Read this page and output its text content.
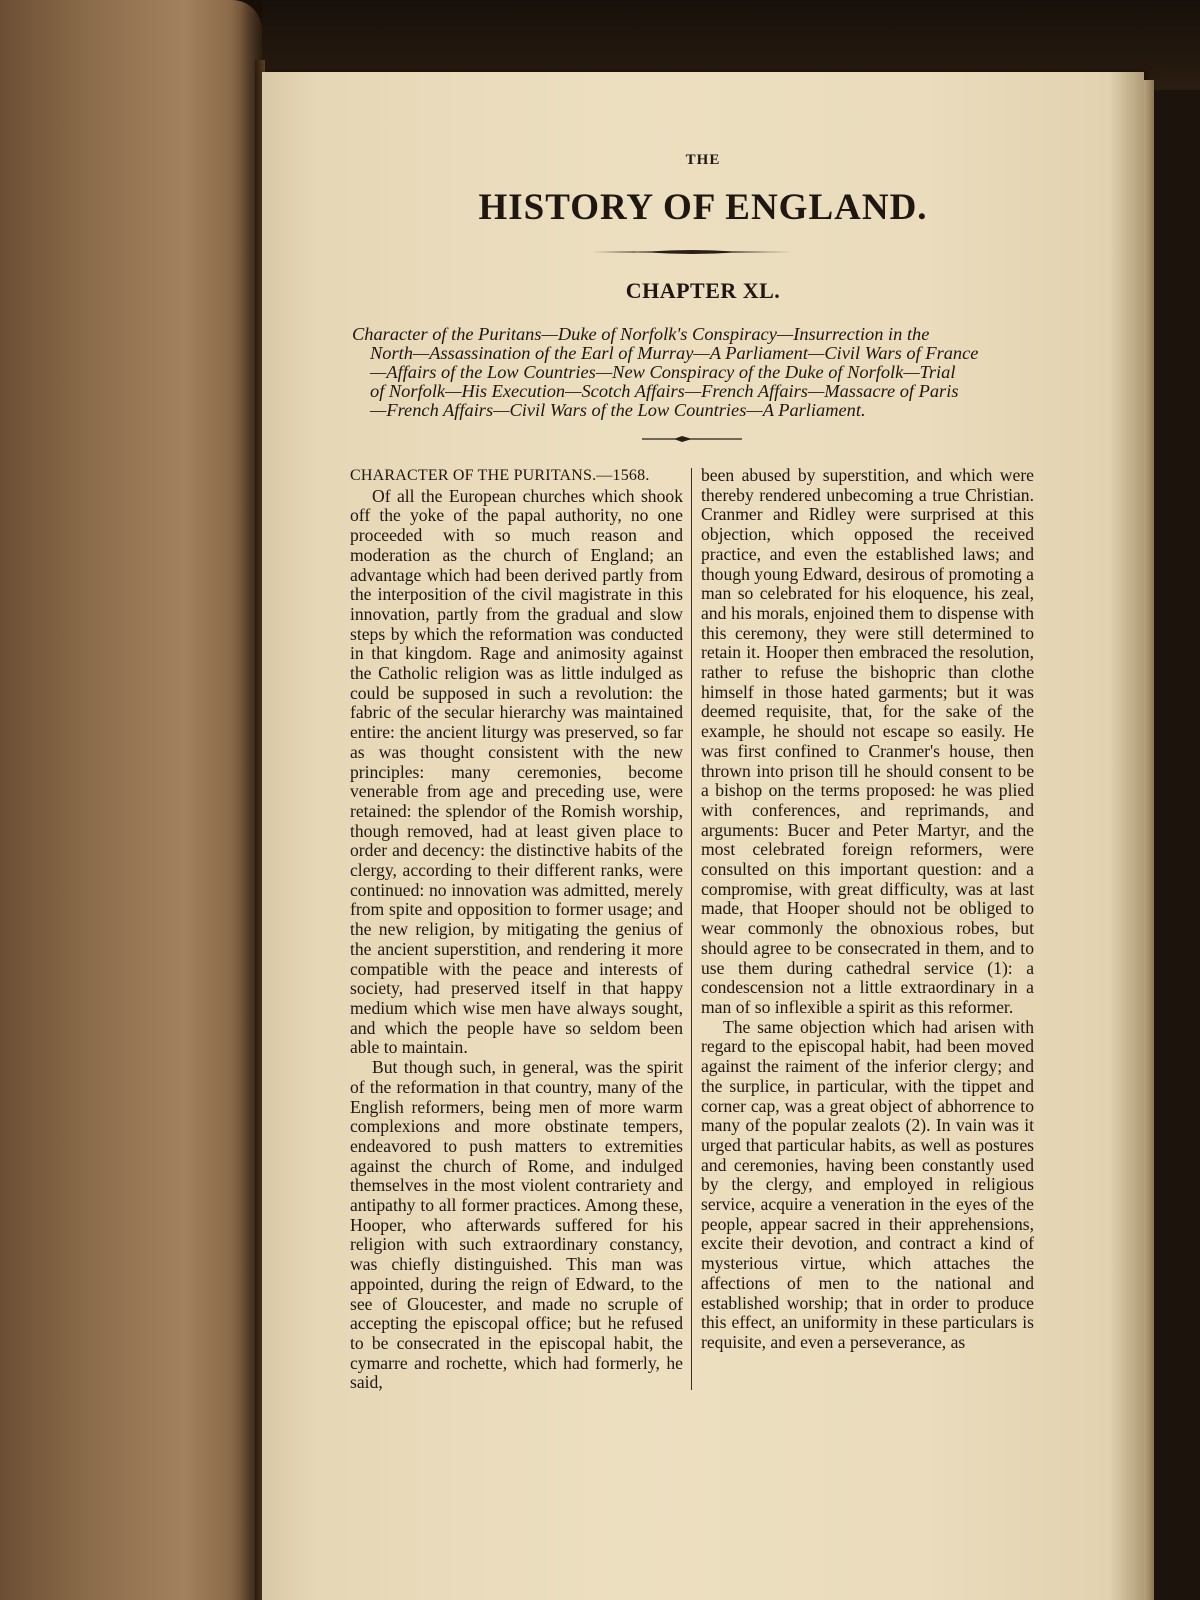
THE
HISTORY OF ENGLAND.
CHAPTER XL.
Character of the Puritans—Duke of Norfolk's Conspiracy—Insurrection in the
North—Assassination of the Earl of Murray—A Parliament—Civil Wars of France
—Affairs of the Low Countries—New Conspiracy of the Duke of Norfolk—Trial
of Norfolk—His Execution—Scotch Affairs—French Affairs—Massacre of Paris
—French Affairs—Civil Wars of the Low Countries—A Parliament.

CHARACTER OF THE PURITANS.—1568.

Of all the European churches which shook off the yoke of the papal authority, no one proceeded with so much reason and moderation as the church of England; an advantage which had been derived partly from the interposition of the civil magistrate in this innovation, partly from the gradual and slow steps by which the reformation was conducted in that kingdom. Rage and animosity against the Catholic religion was as little indulged as could be supposed in such a revolution: the fabric of the secular hierarchy was maintained entire: the ancient liturgy was preserved, so far as was thought consistent with the new principles: many ceremonies, become venerable from age and preceding use, were retained: the splendor of the Romish worship, though removed, had at least given place to order and decency: the distinctive habits of the clergy, according to their different ranks, were continued: no innovation was admitted, merely from spite and opposition to former usage; and the new religion, by mitigating the genius of the ancient superstition, and rendering it more compatible with the peace and interests of society, had preserved itself in that happy medium which wise men have always sought, and which the people have so seldom been able to maintain.

But though such, in general, was the spirit of the reformation in that country, many of the English reformers, being men of more warm complexions and more obstinate tempers, endeavored to push matters to extremities against the church of Rome, and indulged themselves in the most violent contrariety and antipathy to all former practices. Among these, Hooper, who afterwards suffered for his religion with such extraordinary constancy, was chiefly distinguished. This man was appointed, during the reign of Edward, to the see of Gloucester, and made no scruple of accepting the episcopal office; but he refused to be consecrated in the episcopal habit, the cymarre and rochette, which had formerly, he said,

been abused by superstition, and which were thereby rendered unbecoming a true Christian. Cranmer and Ridley were surprised at this objection, which opposed the received practice, and even the established laws; and though young Edward, desirous of promoting a man so celebrated for his eloquence, his zeal, and his morals, enjoined them to dispense with this ceremony, they were still determined to retain it. Hooper then embraced the resolution, rather to refuse the bishopric than clothe himself in those hated garments; but it was deemed requisite, that, for the sake of the example, he should not escape so easily. He was first confined to Cranmer's house, then thrown into prison till he should consent to be a bishop on the terms proposed: he was plied with conferences, and reprimands, and arguments: Bucer and Peter Martyr, and the most celebrated foreign reformers, were consulted on this important question: and a compromise, with great difficulty, was at last made, that Hooper should not be obliged to wear commonly the obnoxious robes, but should agree to be consecrated in them, and to use them during cathedral service (1): a condescension not a little extraordinary in a man of so inflexible a spirit as this reformer.

The same objection which had arisen with regard to the episcopal habit, had been moved against the raiment of the inferior clergy; and the surplice, in particular, with the tippet and corner cap, was a great object of abhorrence to many of the popular zealots (2). In vain was it urged that particular habits, as well as postures and ceremonies, having been constantly used by the clergy, and employed in religious service, acquire a veneration in the eyes of the people, appear sacred in their apprehensions, excite their devotion, and contract a kind of mysterious virtue, which attaches the affections of men to the national and established worship; that in order to produce this effect, an uniformity in these particulars is requisite, and even a perseverance, as
